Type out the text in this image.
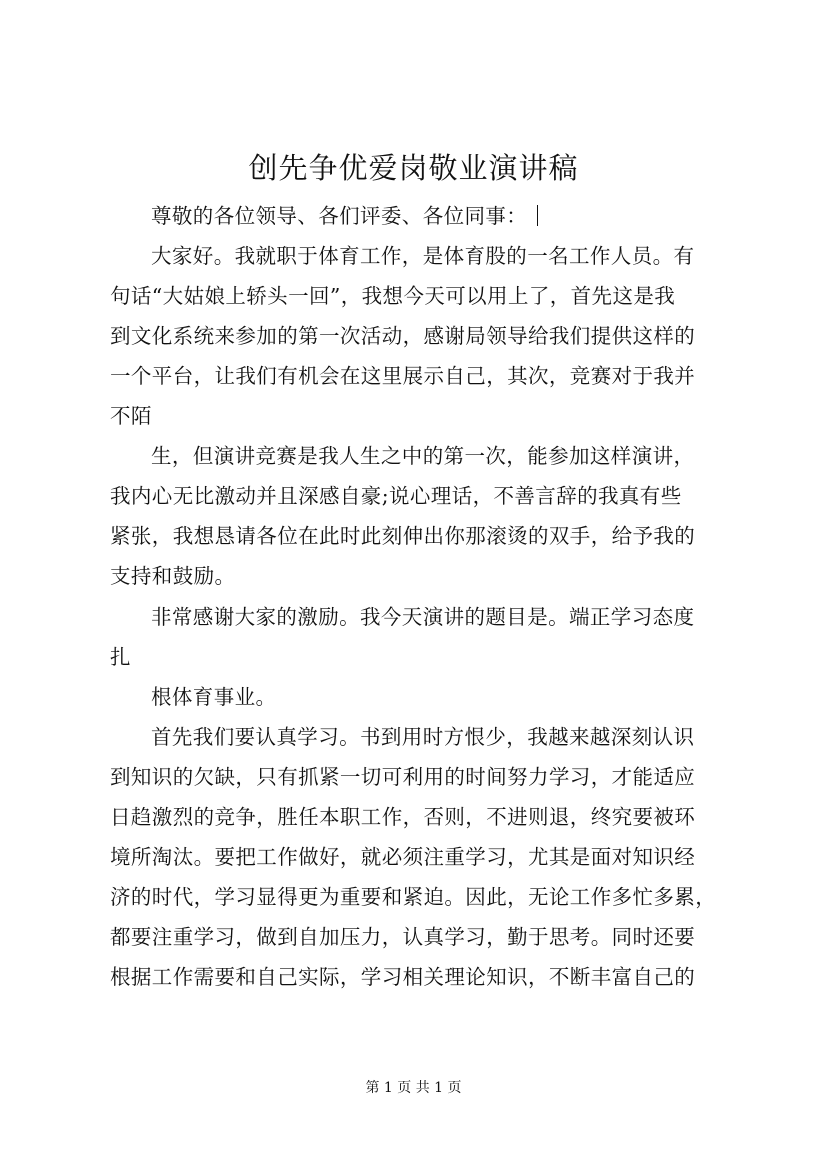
创先争优爱岗敬业演讲稿
尊敬的各位领导、各们评委、各位同事：
大家好。我就职于体育工作，是体育股的一名工作人员。有
句话“大姑娘上轿头一回”，我想今天可以用上了，首先这是我
到文化系统来参加的第一次活动，感谢局领导给我们提供这样的
一个平台，让我们有机会在这里展示自己，其次，竞赛对于我并
不陌
生，但演讲竞赛是我人生之中的第一次，能参加这样演讲，
我内心无比激动并且深感自豪;说心理话，不善言辞的我真有些
紧张，我想恳请各位在此时此刻伸出你那滚烫的双手，给予我的
支持和鼓励。
非常感谢大家的激励。我今天演讲的题目是。端正学习态度
扎
根体育事业。
首先我们要认真学习。书到用时方恨少，我越来越深刻认识
到知识的欠缺，只有抓紧一切可利用的时间努力学习，才能适应
日趋激烈的竞争，胜任本职工作，否则，不进则退，终究要被环
境所淘汰。要把工作做好，就必须注重学习，尤其是面对知识经
济的时代，学习显得更为重要和紧迫。因此，无论工作多忙多累，
都要注重学习，做到自加压力，认真学习，勤于思考。同时还要
根据工作需要和自己实际，学习相关理论知识，不断丰富自己的
第 1 页 共 1 页
